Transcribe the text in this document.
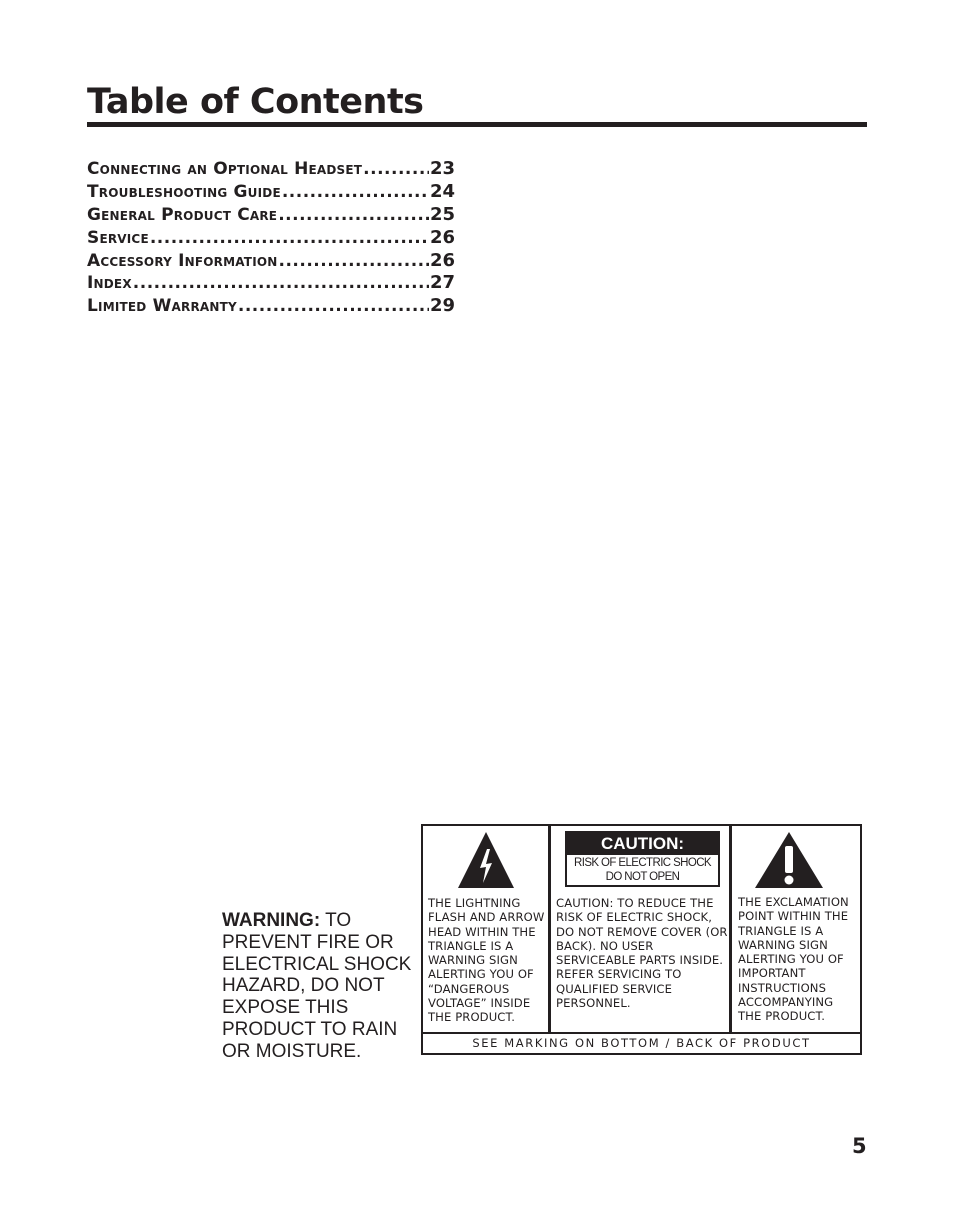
Table of Contents
Connecting an Optional Headset .....	23
Troubleshooting Guide .....	24
General Product Care .....	25
Service .....	26
Accessory Information .....	26
Index .....	27
Limited Warranty .....	29
WARNING: TO PREVENT FIRE OR ELECTRICAL SHOCK HAZARD, DO NOT EXPOSE THIS PRODUCT TO RAIN OR MOISTURE.

THE LIGHTNING FLASH AND ARROW HEAD WITHIN THE TRIANGLE IS A WARNING SIGN ALERTING YOU OF “DANGEROUS VOLTAGE” INSIDE THE PRODUCT.

CAUTION:
RISK OF ELECTRIC SHOCK
DO NOT OPEN

CAUTION: TO REDUCE THE RISK OF ELECTRIC SHOCK, DO NOT REMOVE COVER (OR BACK). NO USER SERVICEABLE PARTS INSIDE. REFER SERVICING TO QUALIFIED SERVICE PERSONNEL.

THE EXCLAMATION POINT WITHIN THE TRIANGLE IS A WARNING SIGN ALERTING YOU OF IMPORTANT INSTRUCTIONS ACCOMPANYING THE PRODUCT.

SEE MARKING ON BOTTOM / BACK OF PRODUCT
5
